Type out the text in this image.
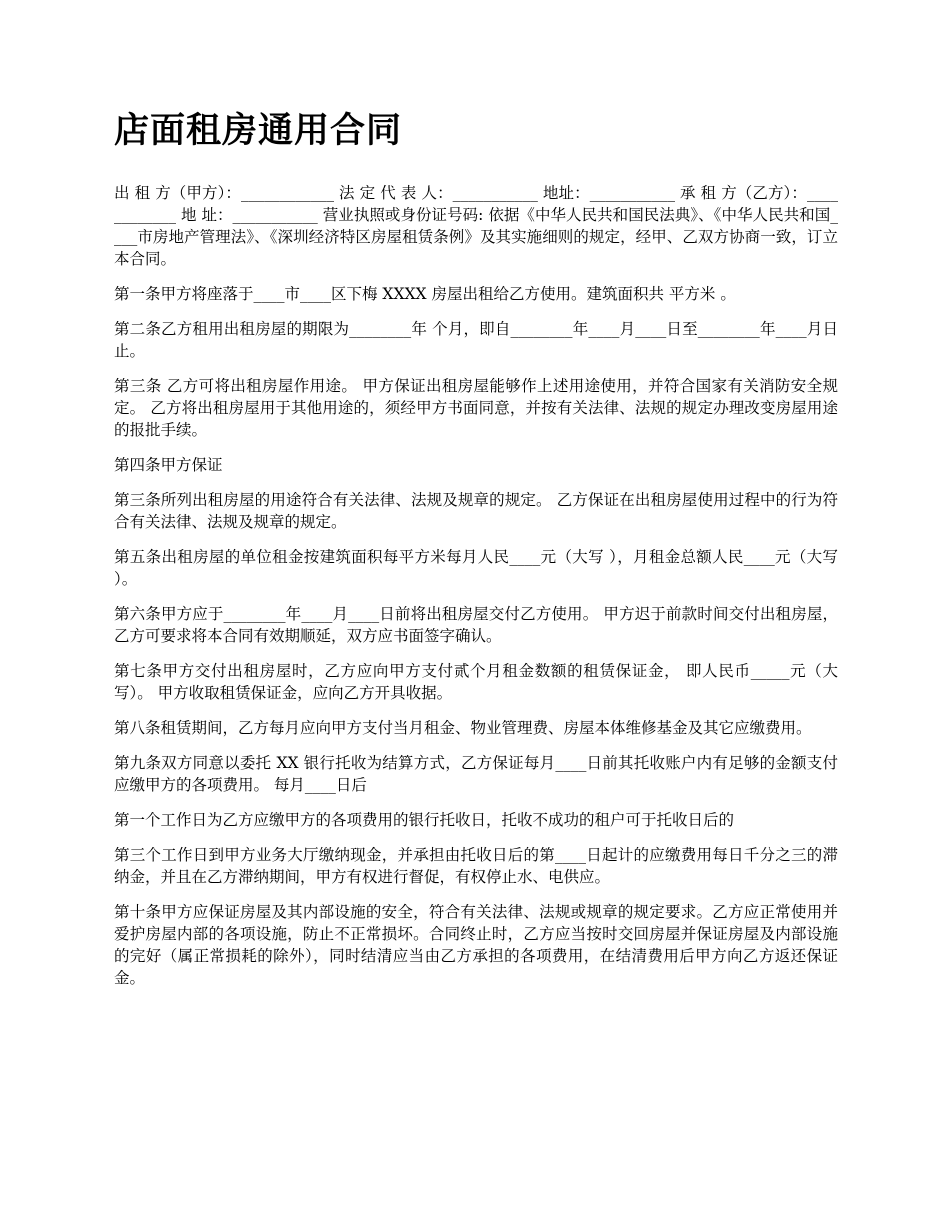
店面租房通用合同

出 租 方（甲方）：____________ 法 定 代 表 人：___________ 地址：___________ 承 租 方（乙方）：____________ 地 址：___________ 营业执照或身份证号码: 依据《中华人民共和国民法典》、《中华人民共和国____市房地产管理法》、《深圳经济特区房屋租赁条例》及其实施细则的规定，经甲、乙双方协商一致，订立本合同。

第一条甲方将座落于____市____区下梅 XXXX 房屋出租给乙方使用。建筑面积共 平方米 。

第二条乙方租用出租房屋的期限为________年 个月，即自________年____月____日至________年____月日止。

第三条 乙方可将出租房屋作用途。 甲方保证出租房屋能够作上述用途使用，并符合国家有关消防安全规定。 乙方将出租房屋用于其他用途的，须经甲方书面同意，并按有关法律、法规的规定办理改变房屋用途的报批手续。

第四条甲方保证

第三条所列出租房屋的用途符合有关法律、法规及规章的规定。 乙方保证在出租房屋使用过程中的行为符合有关法律、法规及规章的规定。

第五条出租房屋的单位租金按建筑面积每平方米每月人民____元（大写 ），月租金总额人民____元（大写 ）。

第六条甲方应于________年____月____日前将出租房屋交付乙方使用。 甲方迟于前款时间交付出租房屋，乙方可要求将本合同有效期顺延，双方应书面签字确认。

第七条甲方交付出租房屋时，乙方应向甲方支付贰个月租金数额的租赁保证金， 即人民币_____元（大写）。 甲方收取租赁保证金，应向乙方开具收据。

第八条租赁期间，乙方每月应向甲方支付当月租金、物业管理费、房屋本体维修基金及其它应缴费用。

第九条双方同意以委托 XX 银行托收为结算方式，乙方保证每月____日前其托收账户内有足够的金额支付应缴甲方的各项费用。 每月____日后

第一个工作日为乙方应缴甲方的各项费用的银行托收日，托收不成功的租户可于托收日后的

第三个工作日到甲方业务大厅缴纳现金，并承担由托收日后的第____日起计的应缴费用每日千分之三的滞纳金，并且在乙方滞纳期间，甲方有权进行督促，有权停止水、电供应。

第十条甲方应保证房屋及其内部设施的安全，符合有关法律、法规或规章的规定要求。乙方应正常使用并爱护房屋内部的各项设施，防止不正常损坏。合同终止时，乙方应当按时交回房屋并保证房屋及内部设施的完好（属正常损耗的除外），同时结清应当由乙方承担的各项费用，在结清费用后甲方向乙方返还保证金。
